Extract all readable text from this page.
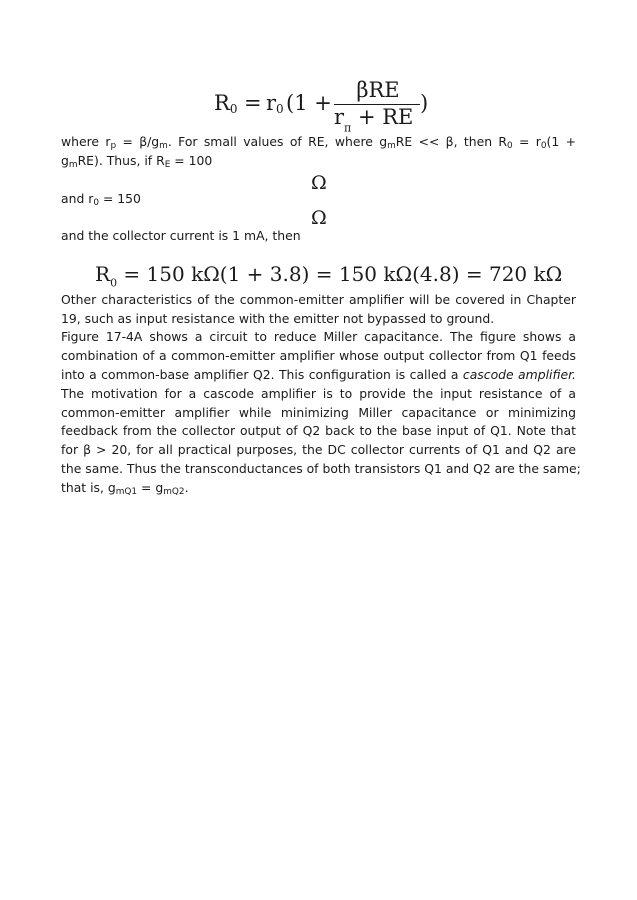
$R_0 = r_0$ (1 +
βRE
$r_\pi$ + RE
)
where $r_p = \beta/g_m$. For small values of RE, where $g_mRE << \beta$, then $R_0 = r_0(1$ +
$g_mRE$). Thus, if $R_E = 100$
Ω
and $r_0 = 150$
Ω
and the collector current is 1 mA, then
$R_0 = 150$ kΩ(1 + 3.8) = 150 kΩ(4.8) = 720 kΩ
Other characteristics of the common-emitter amplifier will be covered in Chapter
19, such as input resistance with the emitter not bypassed to ground.
Figure 17-4A shows a circuit to reduce Miller capacitance. The figure shows a
combination of a common-emitter amplifier whose output collector from Q1 feeds
into a common-base amplifier Q2. This configuration is called a cascode amplifier.
The motivation for a cascode amplifier is to provide the input resistance of a
common-emitter amplifier while minimizing Miller capacitance or minimizing
feedback from the collector output of Q2 back to the base input of Q1. Note that
for β > 20, for all practical purposes, the DC collector currents of Q1 and Q2 are
the same. Thus the transconductances of both transistors Q1 and Q2 are the same;
that is, $g_{mQ1} = g_{mQ2}$.
